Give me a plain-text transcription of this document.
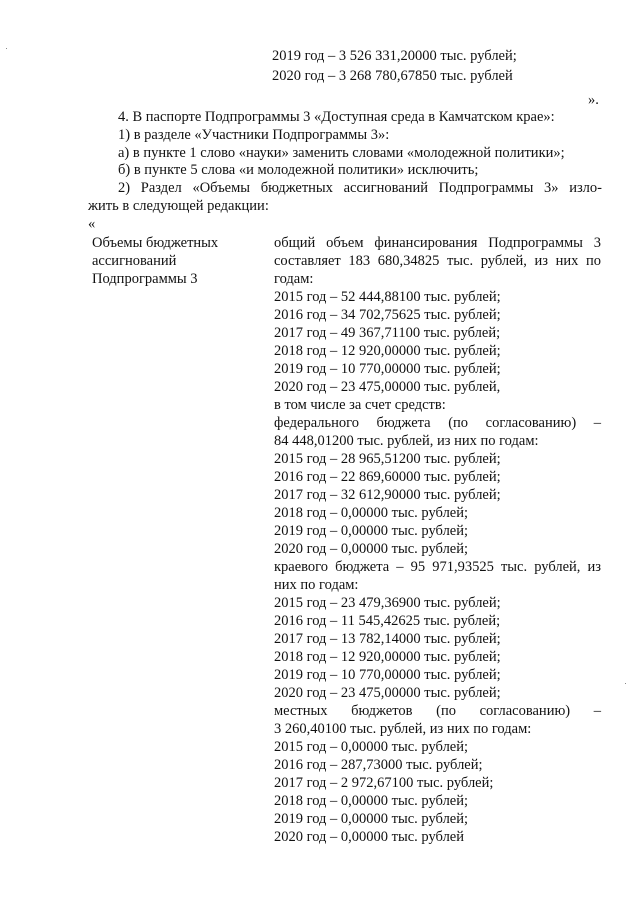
2019 год – 3 526 331,20000 тыс. рублей;
2020 год – 3 268 780,67850 тыс. рублей
».
4. В паспорте Подпрограммы 3 «Доступная среда в Камчатском крае»:
1) в разделе «Участники Подпрограммы 3»:
а) в пункте 1 слово «науки» заменить словами «молодежной политики»;
б) в пункте 5 слова «и молодежной политики» исключить;
2) Раздел «Объемы бюджетных ассигнований Подпрограммы 3» изло-
жить в следующей редакции:
«
Объемы бюджетных
ассигнований
Подпрограммы 3
общий объем финансирования Подпрограммы 3
составляет 183 680,34825 тыс. рублей, из них по
годам:
2015 год – 52 444,88100 тыс. рублей;
2016 год – 34 702,75625 тыс. рублей;
2017 год – 49 367,71100 тыс. рублей;
2018 год – 12 920,00000 тыс. рублей;
2019 год – 10 770,00000 тыс. рублей;
2020 год – 23 475,00000 тыс. рублей,
в том числе за счет средств:
федерального бюджета (по согласованию) –
84 448,01200 тыс. рублей, из них по годам:
2015 год – 28 965,51200 тыс. рублей;
2016 год – 22 869,60000 тыс. рублей;
2017 год – 32 612,90000 тыс. рублей;
2018 год – 0,00000 тыс. рублей;
2019 год – 0,00000 тыс. рублей;
2020 год – 0,00000 тыс. рублей;
краевого бюджета – 95 971,93525 тыс. рублей, из
них по годам:
2015 год – 23 479,36900 тыс. рублей;
2016 год – 11 545,42625 тыс. рублей;
2017 год – 13 782,14000 тыс. рублей;
2018 год – 12 920,00000 тыс. рублей;
2019 год – 10 770,00000 тыс. рублей;
2020 год – 23 475,00000 тыс. рублей;
местных бюджетов (по согласованию) –
3 260,40100 тыс. рублей, из них по годам:
2015 год – 0,00000 тыс. рублей;
2016 год – 287,73000 тыс. рублей;
2017 год – 2 972,67100 тыс. рублей;
2018 год – 0,00000 тыс. рублей;
2019 год – 0,00000 тыс. рублей;
2020 год – 0,00000 тыс. рублей
